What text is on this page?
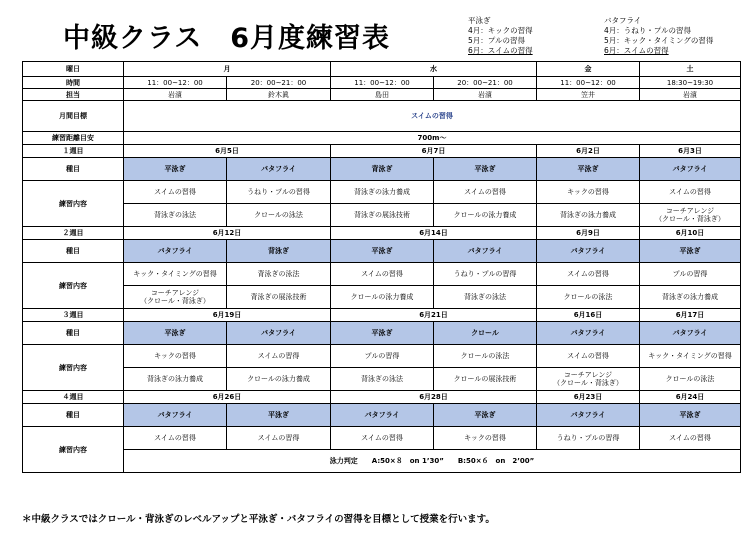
中級クラス　6月度練習表
平泳ぎ
4月：キックの習得
5月：プルの習得
6月：スイムの習得
バタフライ
4月：うねり・プルの習得
5月：キック・タイミングの習得
6月：スイムの習得
曜日	月		水		金	土
時間	11：00~12：00	20：00~21：00	11：00~12：00	20：00~21：00	11：00~12：00	18:30~19:30
担当	岩濱	鈴木眞	島田	岩濱	笠井	岩濱
月間目標	スイムの習得					
練習距離目安	700m～					
１週目	6月5日		6月7日		6月2日	6月3日
種目	平泳ぎ	バタフライ	背泳ぎ	平泳ぎ	平泳ぎ	バタフライ
練習内容	スイムの習得	うねり・プルの習得	背泳ぎの泳力養成	スイムの習得	キックの習得	スイムの習得
	背泳ぎの泳法	クロールの泳法	背泳ぎの展泳技術	クロールの泳力養成	背泳ぎの泳力養成	コーチアレンジ
（クロール・背泳ぎ）
２週目	6月12日		6月14日		6月9日	6月10日
種目	バタフライ	背泳ぎ	平泳ぎ	バタフライ	バタフライ	平泳ぎ
練習内容	キック・タイミングの習得	背泳ぎの泳法	スイムの習得	うねり・プルの習得	スイムの習得	プルの習得
	コーチアレンジ
（クロール・背泳ぎ）	背泳ぎの展泳技術	クロールの泳力養成	背泳ぎの泳法	クロールの泳法	背泳ぎの泳力養成
３週目	6月19日		6月21日		6月16日	6月17日
種目	平泳ぎ	バタフライ	平泳ぎ	クロール	バタフライ	バタフライ
練習内容	キックの習得	スイムの習得	プルの習得	クロールの泳法	スイムの習得	キック・タイミングの習得
	背泳ぎの泳力養成	クロールの泳力養成	背泳ぎの泳法	クロールの展泳技術	コーチアレンジ
（クロール・背泳ぎ）	クロールの泳法
４週目	6月26日		6月28日		6月23日	6月24日
種目	バタフライ	平泳ぎ	バタフライ	平泳ぎ	バタフライ	平泳ぎ
練習内容	スイムの習得	スイムの習得	スイムの習得	キックの習得	うねり・プルの習得	スイムの習得
	泳力判定　　A:50×８　on 1’30”　　B:50×６　on　2’00”					
＊中級クラスではクロール・背泳ぎのレベルアップと平泳ぎ・バタフライの習得を目標として授業を行います。
